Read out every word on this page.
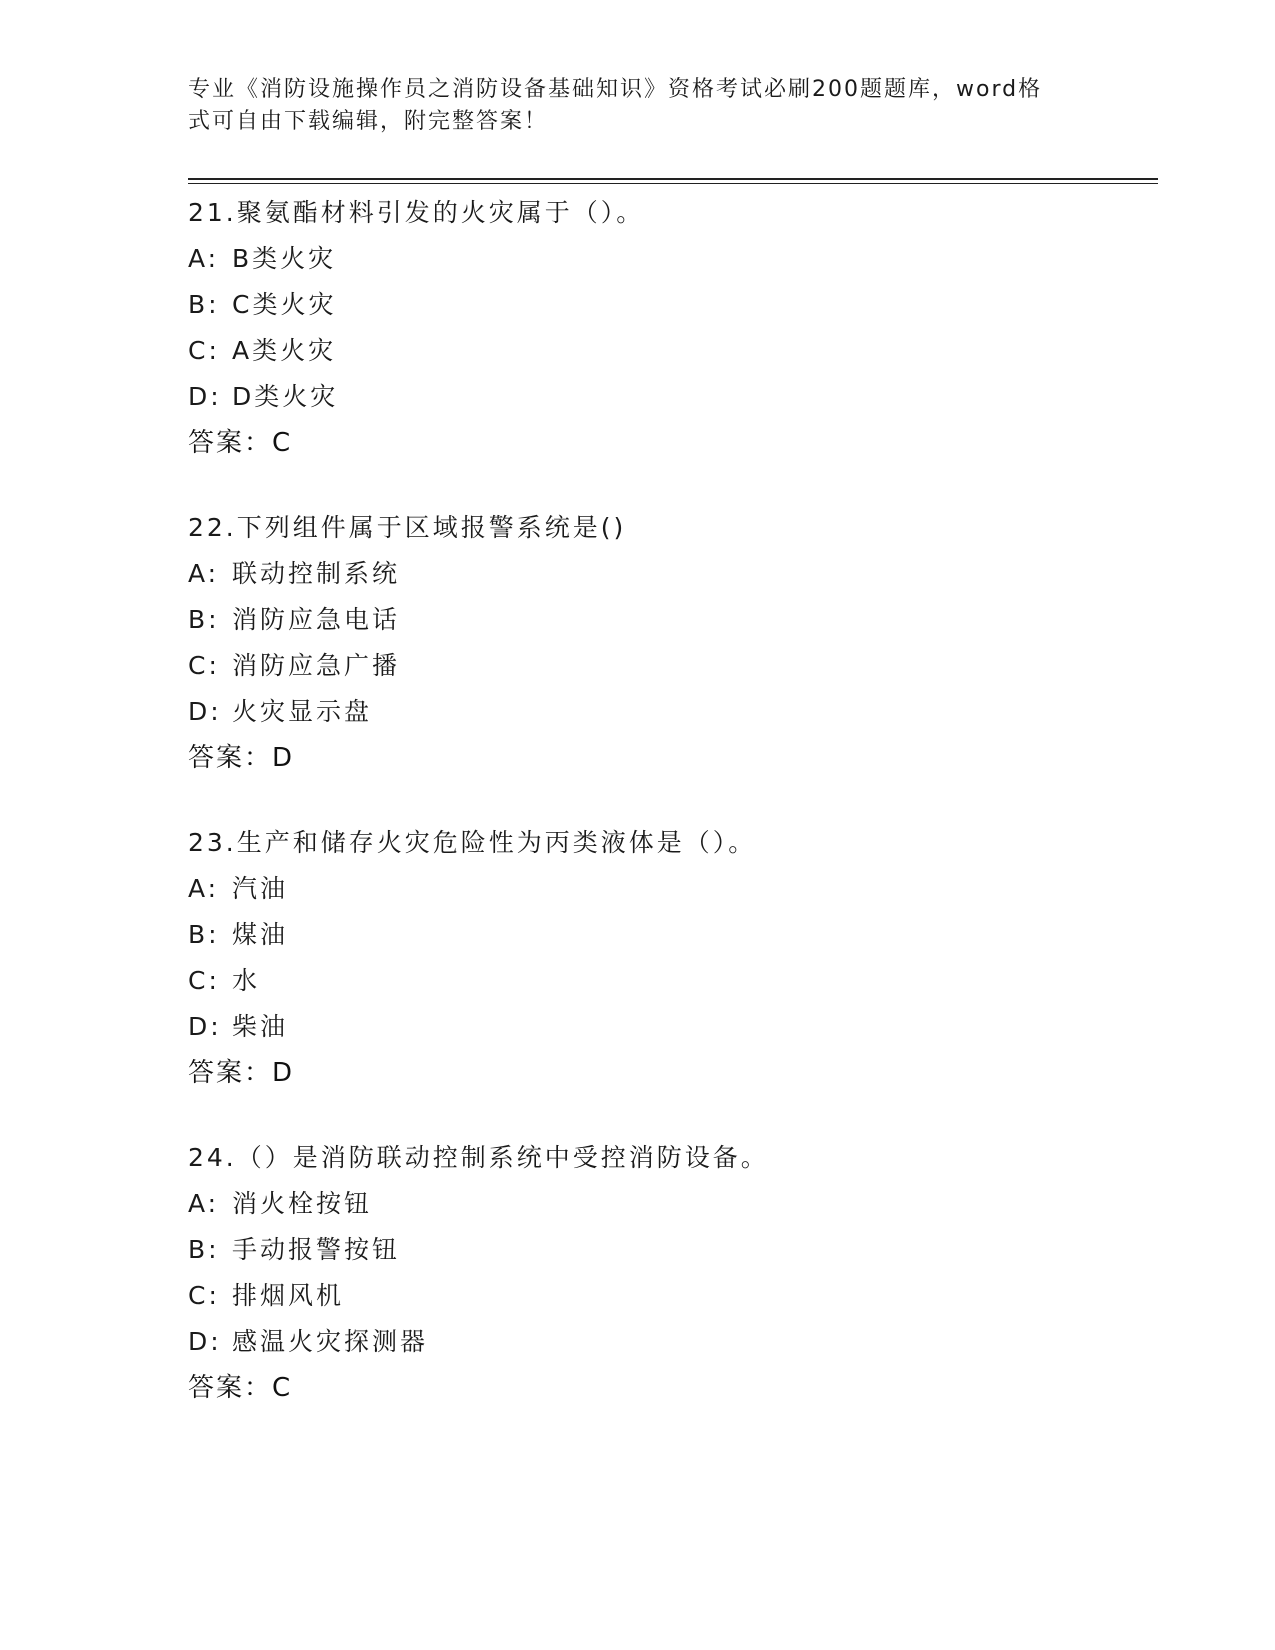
专业《消防设施操作员之消防设备基础知识》资格考试必刷200题题库，word格
式可自由下载编辑，附完整答案！
21.聚氨酯材料引发的火灾属于（）。
A: B类火灾
B: C类火灾
C: A类火灾
D: D类火灾
答案：C
22.下列组件属于区域报警系统是()
A: 联动控制系统
B: 消防应急电话
C: 消防应急广播
D: 火灾显示盘
答案：D
23.生产和储存火灾危险性为丙类液体是（）。
A: 汽油
B: 煤油
C: 水
D: 柴油
答案：D
24.（）是消防联动控制系统中受控消防设备。
A: 消火栓按钮
B: 手动报警按钮
C: 排烟风机
D: 感温火灾探测器
答案：C
